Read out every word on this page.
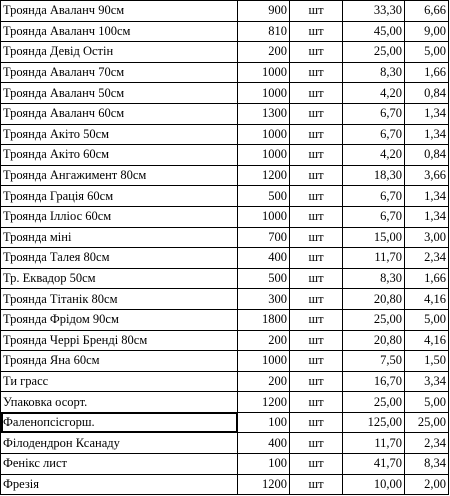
Троянда Аваланч 90см	900	шт	33,30	6,66
Троянда Аваланч 100см	810	шт	45,00	9,00
Троянда Девід Остін	200	шт	25,00	5,00
Троянда Аваланч 70см	1000	шт	8,30	1,66
Троянда Аваланч 50см	1000	шт	4,20	0,84
Троянда Аваланч 60см	1300	шт	6,70	1,34
Троянда Акіто 50см	1000	шт	6,70	1,34
Троянда Акіто 60см	1000	шт	4,20	0,84
Троянда Ангажимент 80см	1200	шт	18,30	3,66
Троянда Грація 60см	500	шт	6,70	1,34
Троянда Ілліос 60см	1000	шт	6,70	1,34
Троянда міні	700	шт	15,00	3,00
Троянда Талея 80см	400	шт	11,70	2,34
Тр. Еквадор 50см	500	шт	8,30	1,66
Троянда Тітанік 80см	300	шт	20,80	4,16
Троянда Фрідом 90см	1800	шт	25,00	5,00
Троянда Черрі Бренді 80см	200	шт	20,80	4,16
Троянда Яна 60см	1000	шт	7,50	1,50
Ти грасс	200	шт	16,70	3,34
Упаковка осорт.	1200	шт	25,00	5,00
Фаленопсісгорш.	100	шт	125,00	25,00
Філодендрон Ксанаду	400	шт	11,70	2,34
Фенікс лист	100	шт	41,70	8,34
Фрезія	1200	шт	10,00	2,00
